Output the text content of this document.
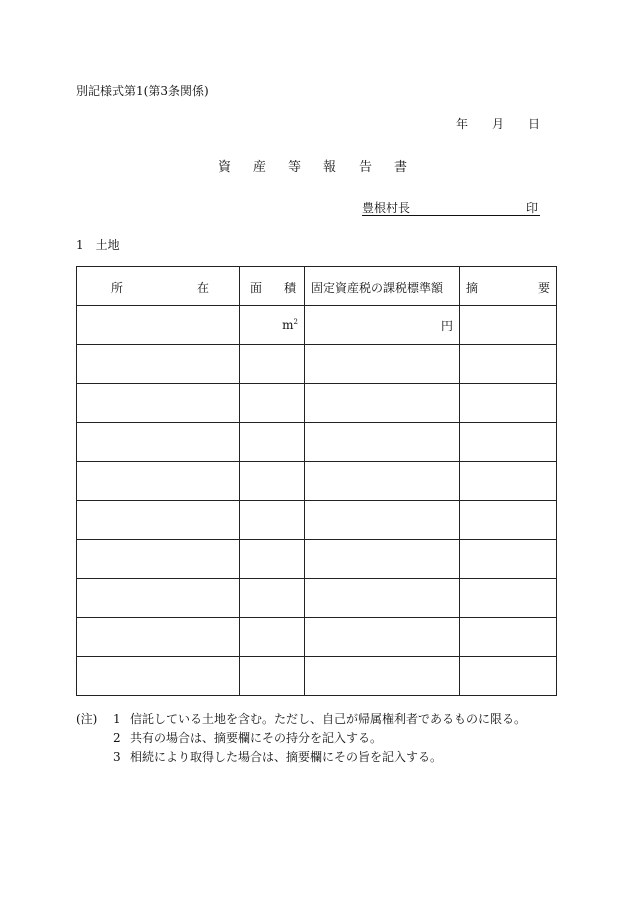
別記様式第1(第3条関係)
年 月 日
資 産 等 報 告 書
豊根村長	印
1　土地
所 在	面 積	固定資産税の課税標準額	摘 要

	$m^2$	円	

(注) 1 信託している土地を含む。ただし、自己が帰属権利者であるものに限る。
2 共有の場合は、摘要欄にその持分を記入する。
3 相続により取得した場合は、摘要欄にその旨を記入する。
